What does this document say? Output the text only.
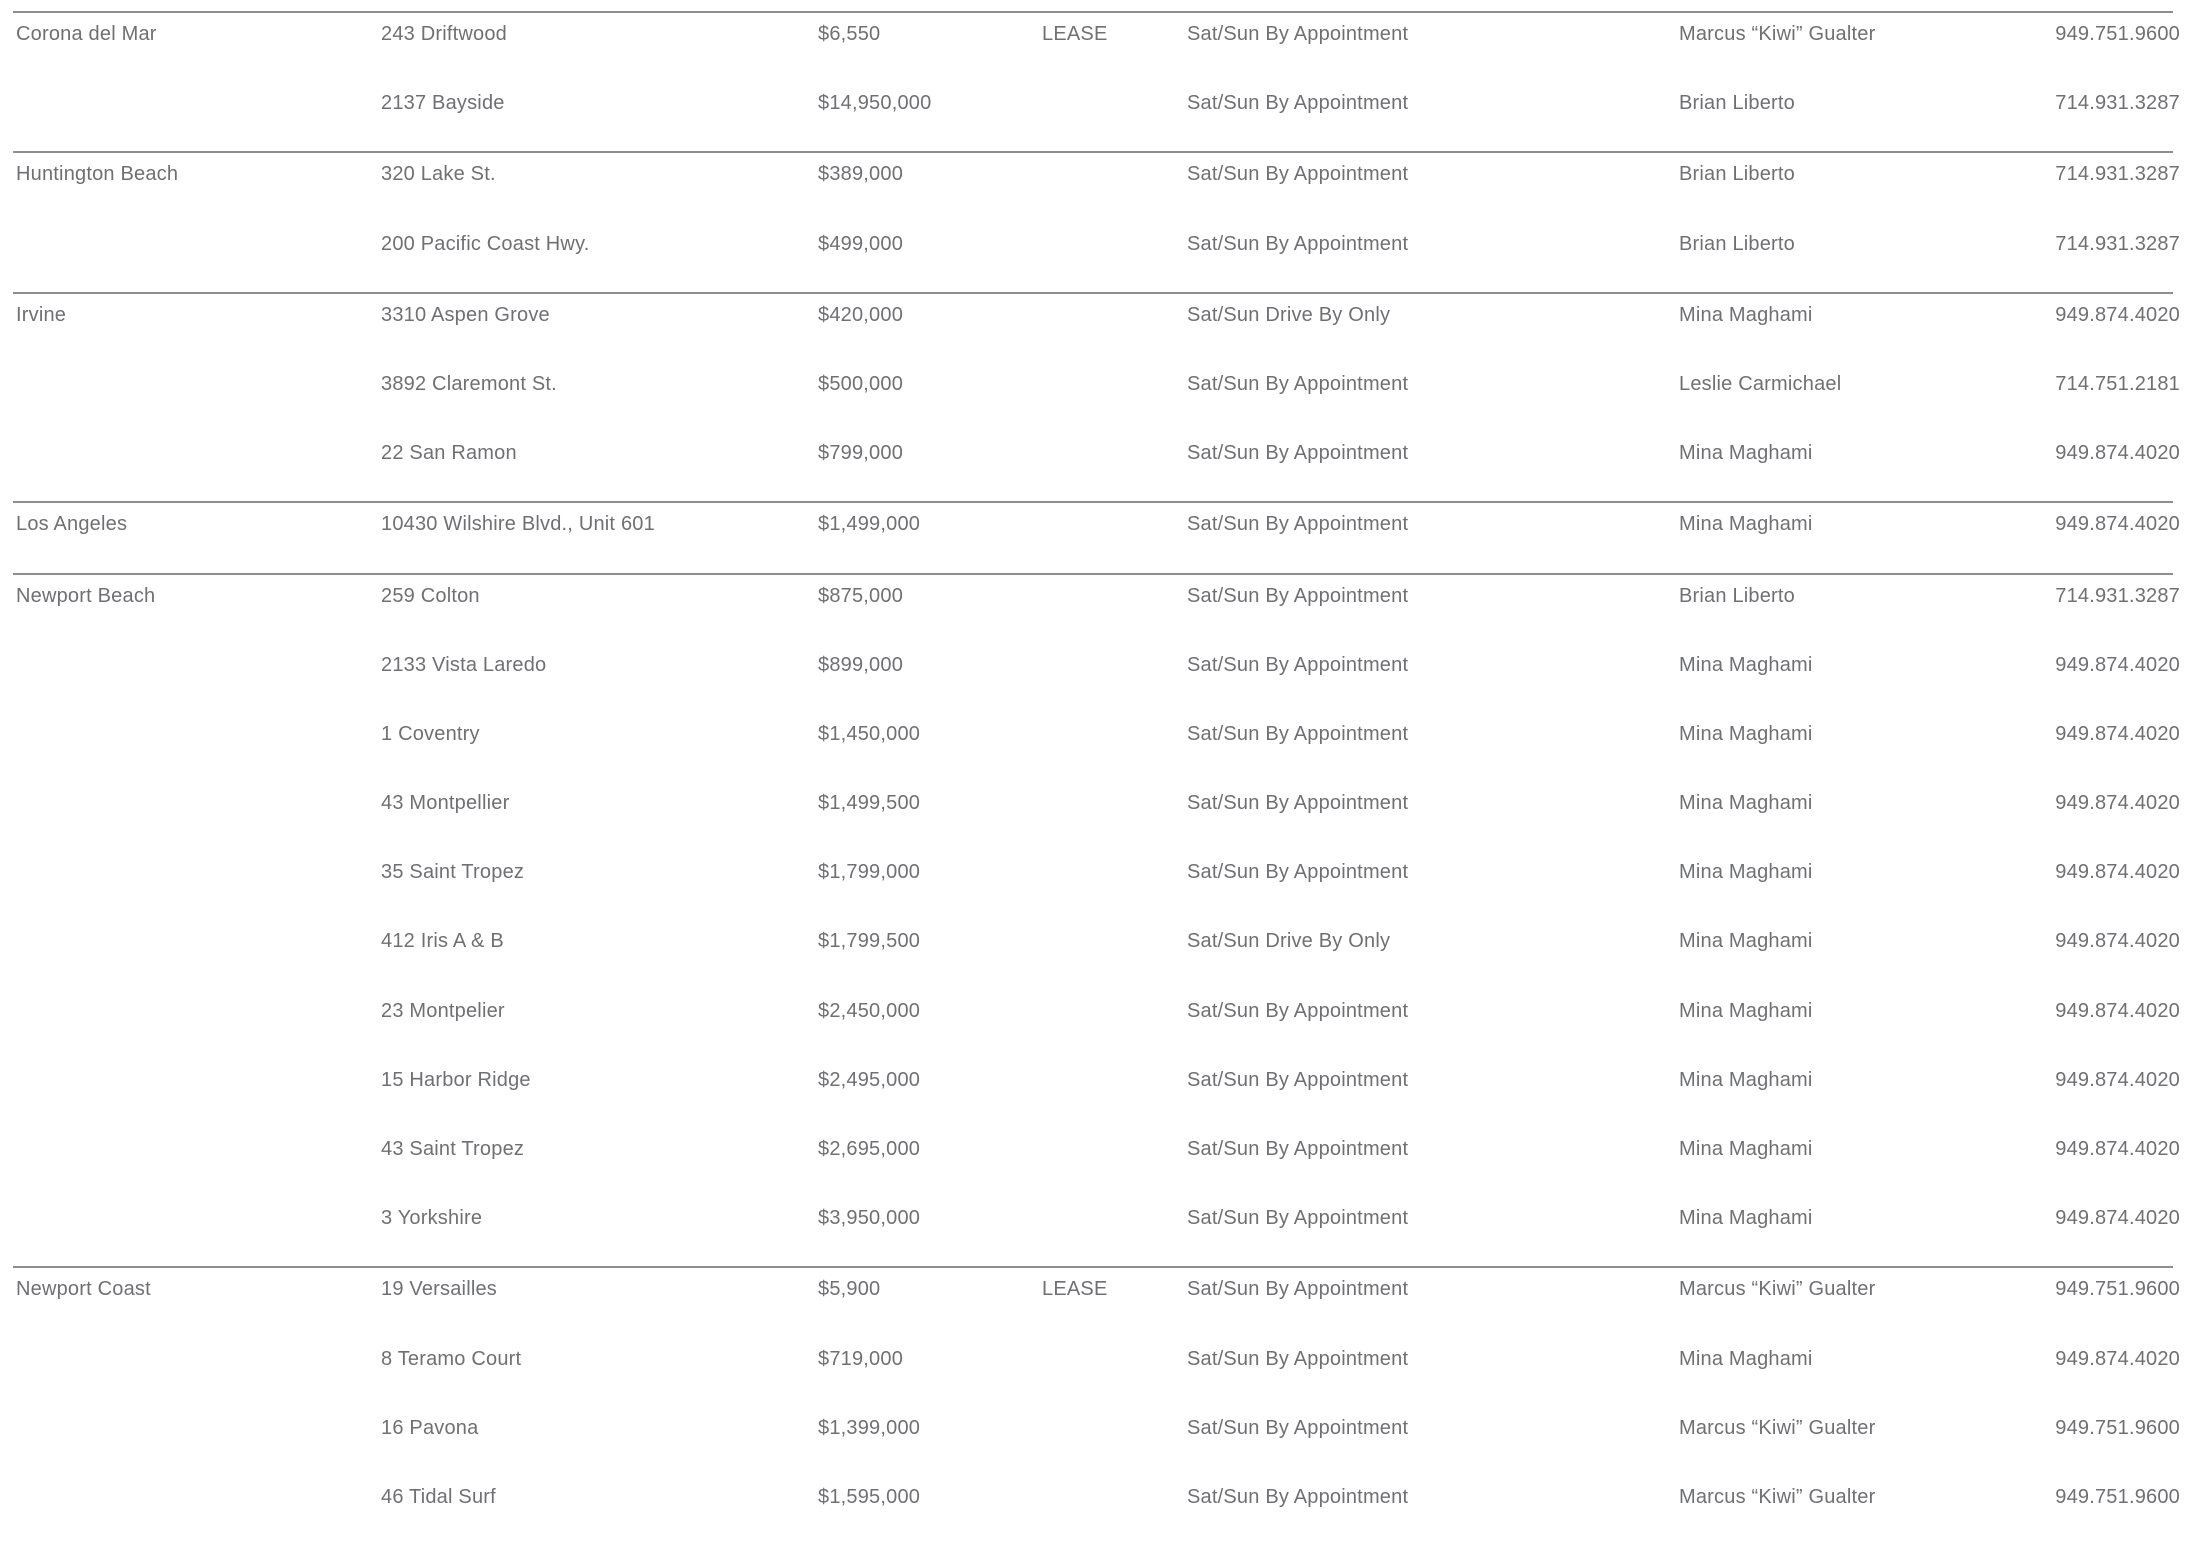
Corona del Mar	243 Driftwood	$6,550	LEASE	Sat/Sun By Appointment	Marcus “Kiwi” Gualter	949.751.9600
2137 Bayside	$14,950,000	Sat/Sun By Appointment	Brian Liberto	714.931.3287
Huntington Beach	320 Lake St.	$389,000	Sat/Sun By Appointment	Brian Liberto	714.931.3287
200 Pacific Coast Hwy.	$499,000	Sat/Sun By Appointment	Brian Liberto	714.931.3287
Irvine	3310 Aspen Grove	$420,000	Sat/Sun Drive By Only	Mina Maghami	949.874.4020
3892 Claremont St.	$500,000	Sat/Sun By Appointment	Leslie Carmichael	714.751.2181
22 San Ramon	$799,000	Sat/Sun By Appointment	Mina Maghami	949.874.4020
Los Angeles	10430 Wilshire Blvd., Unit 601	$1,499,000	Sat/Sun By Appointment	Mina Maghami	949.874.4020
Newport Beach	259 Colton	$875,000	Sat/Sun By Appointment	Brian Liberto	714.931.3287
2133 Vista Laredo	$899,000	Sat/Sun By Appointment	Mina Maghami	949.874.4020
1 Coventry	$1,450,000	Sat/Sun By Appointment	Mina Maghami	949.874.4020
43 Montpellier	$1,499,500	Sat/Sun By Appointment	Mina Maghami	949.874.4020
35 Saint Tropez	$1,799,000	Sat/Sun By Appointment	Mina Maghami	949.874.4020
412 Iris A & B	$1,799,500	Sat/Sun Drive By Only	Mina Maghami	949.874.4020
23 Montpelier	$2,450,000	Sat/Sun By Appointment	Mina Maghami	949.874.4020
15 Harbor Ridge	$2,495,000	Sat/Sun By Appointment	Mina Maghami	949.874.4020
43 Saint Tropez	$2,695,000	Sat/Sun By Appointment	Mina Maghami	949.874.4020
3 Yorkshire	$3,950,000	Sat/Sun By Appointment	Mina Maghami	949.874.4020
Newport Coast	19 Versailles	$5,900	LEASE	Sat/Sun By Appointment	Marcus “Kiwi” Gualter	949.751.9600
8 Teramo Court	$719,000	Sat/Sun By Appointment	Mina Maghami	949.874.4020
16 Pavona	$1,399,000	Sat/Sun By Appointment	Marcus “Kiwi” Gualter	949.751.9600
46 Tidal Surf	$1,595,000	Sat/Sun By Appointment	Marcus “Kiwi” Gualter	949.751.9600
